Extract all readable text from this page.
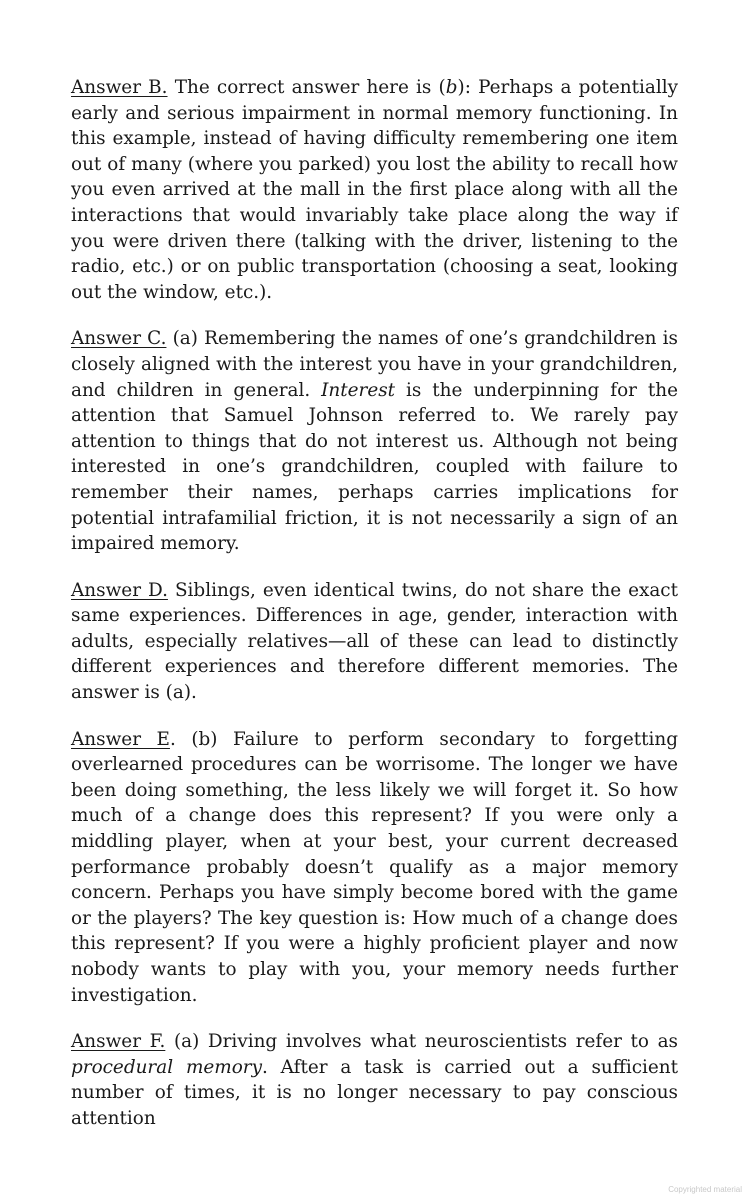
Answer B. The correct answer here is (b): Perhaps a potentially early and serious impairment in normal memory functioning. In this example, instead of having difficulty remembering one item out of many (where you parked) you lost the ability to recall how you even arrived at the mall in the first place along with all the interactions that would invariably take place along the way if you were driven there (talking with the driver, listening to the radio, etc.) or on public transportation (choosing a seat, looking out the window, etc.).

Answer C. (a) Remembering the names of one’s grandchildren is closely aligned with the interest you have in your grandchildren, and children in general. Interest is the underpinning for the attention that Samuel Johnson referred to. We rarely pay attention to things that do not interest us. Although not being interested in one’s grandchildren, coupled with failure to remember their names, perhaps carries implications for potential intrafamilial friction, it is not necessarily a sign of an impaired memory.

Answer D. Siblings, even identical twins, do not share the exact same experiences. Differences in age, gender, interaction with adults, especially relatives—all of these can lead to distinctly different experiences and therefore different memories. The answer is (a).

Answer E. (b) Failure to perform secondary to forgetting overlearned procedures can be worrisome. The longer we have been doing something, the less likely we will forget it. So how much of a change does this represent? If you were only a middling player, when at your best, your current decreased performance probably doesn’t qualify as a major memory concern. Perhaps you have simply become bored with the game or the players? The key question is: How much of a change does this represent? If you were a highly proficient player and now nobody wants to play with you, your memory needs further investigation.

Answer F. (a) Driving involves what neuroscientists refer to as procedural memory. After a task is carried out a sufficient number of times, it is no longer necessary to pay conscious attention

Copyrighted material
